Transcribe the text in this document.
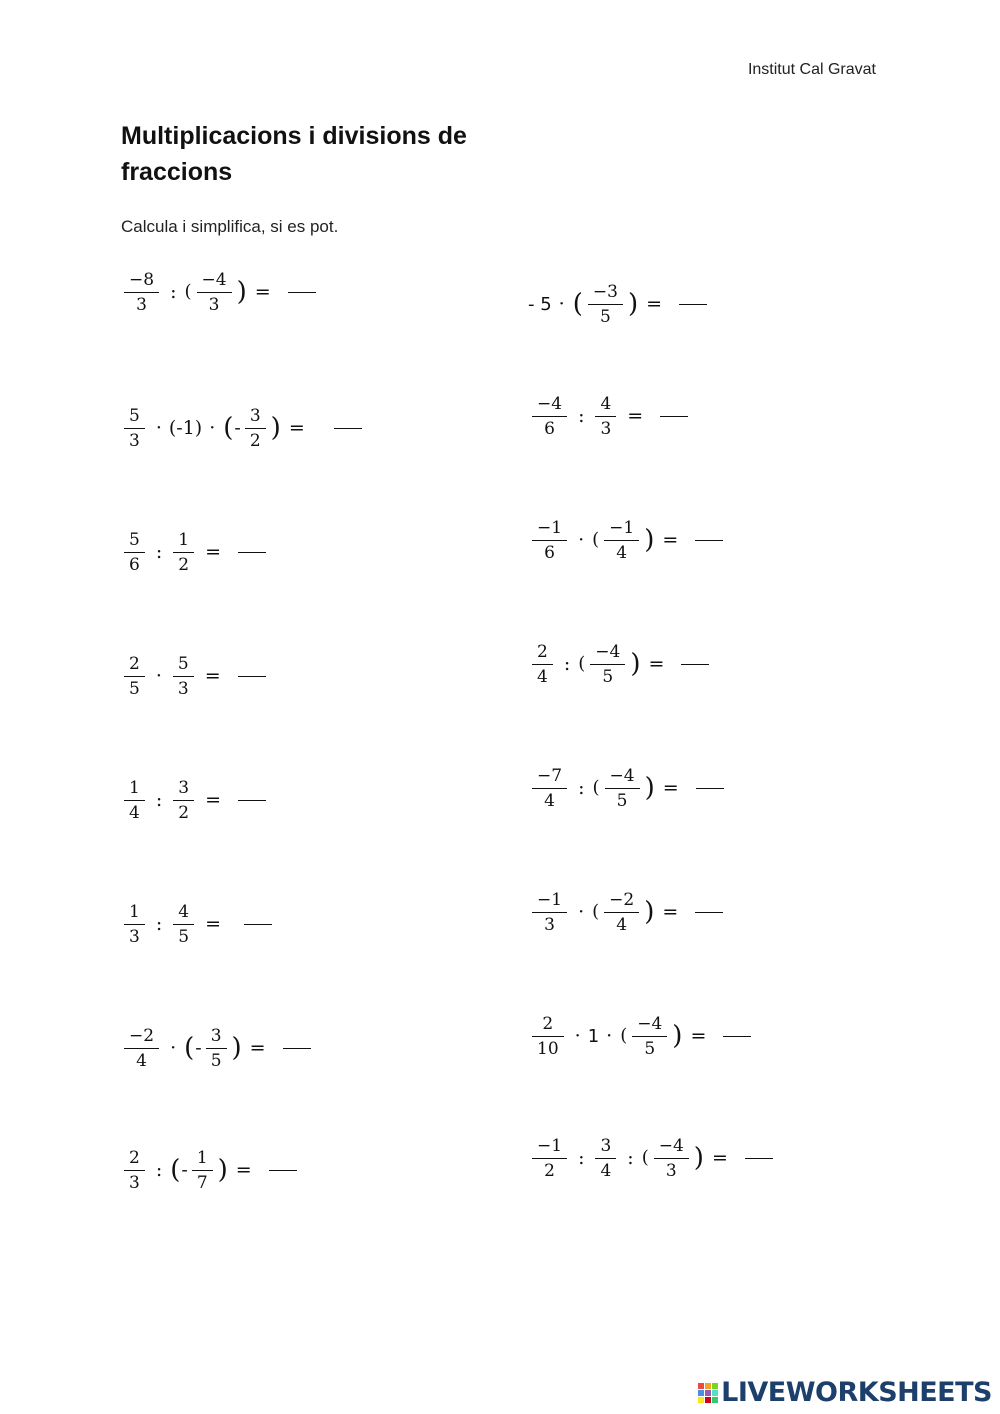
Institut Cal Gravat
Multiplicacions i divisions de fraccions
Calcula i simplifica, si es pot.
$\frac{-8}{3}$ : ( $\frac{-4}{3}$ ) =
$\frac{5}{3} \cdot (-1)$ · ( - $\frac{3}{2}$ ) =
$\frac{5}{6}$ : $\frac{1}{2}$ =
$\frac{2}{5} \cdot \frac{5}{3}$ =
$\frac{1}{4}$ : $\frac{3}{2}$ =
$\frac{1}{3}$ : $\frac{4}{5}$ =
$\frac{-2}{4}$ · ( - $\frac{3}{5}$ ) =
$\frac{2}{3}$ : ( - $\frac{1}{7}$ ) =
- 5 · ( $\frac{-3}{5}$ ) =
$\frac{-4}{6}$ : $\frac{4}{3}$ =
$\frac{-1}{6}$ · ( $\frac{-1}{4}$ ) =
$\frac{2}{4}$ : ( $\frac{-4}{5}$ ) =
$\frac{-7}{4}$ : ( $\frac{-4}{5}$ ) =
$\frac{-1}{3}$ · ( $\frac{-2}{4}$ ) =
$\frac{2}{10} \cdot 1$ · ( $\frac{-4}{5}$ ) =
$\frac{-1}{2}$ : $\frac{3}{4}$ : ( $\frac{-4}{3}$ ) =
LIVEWORKSHEETS
